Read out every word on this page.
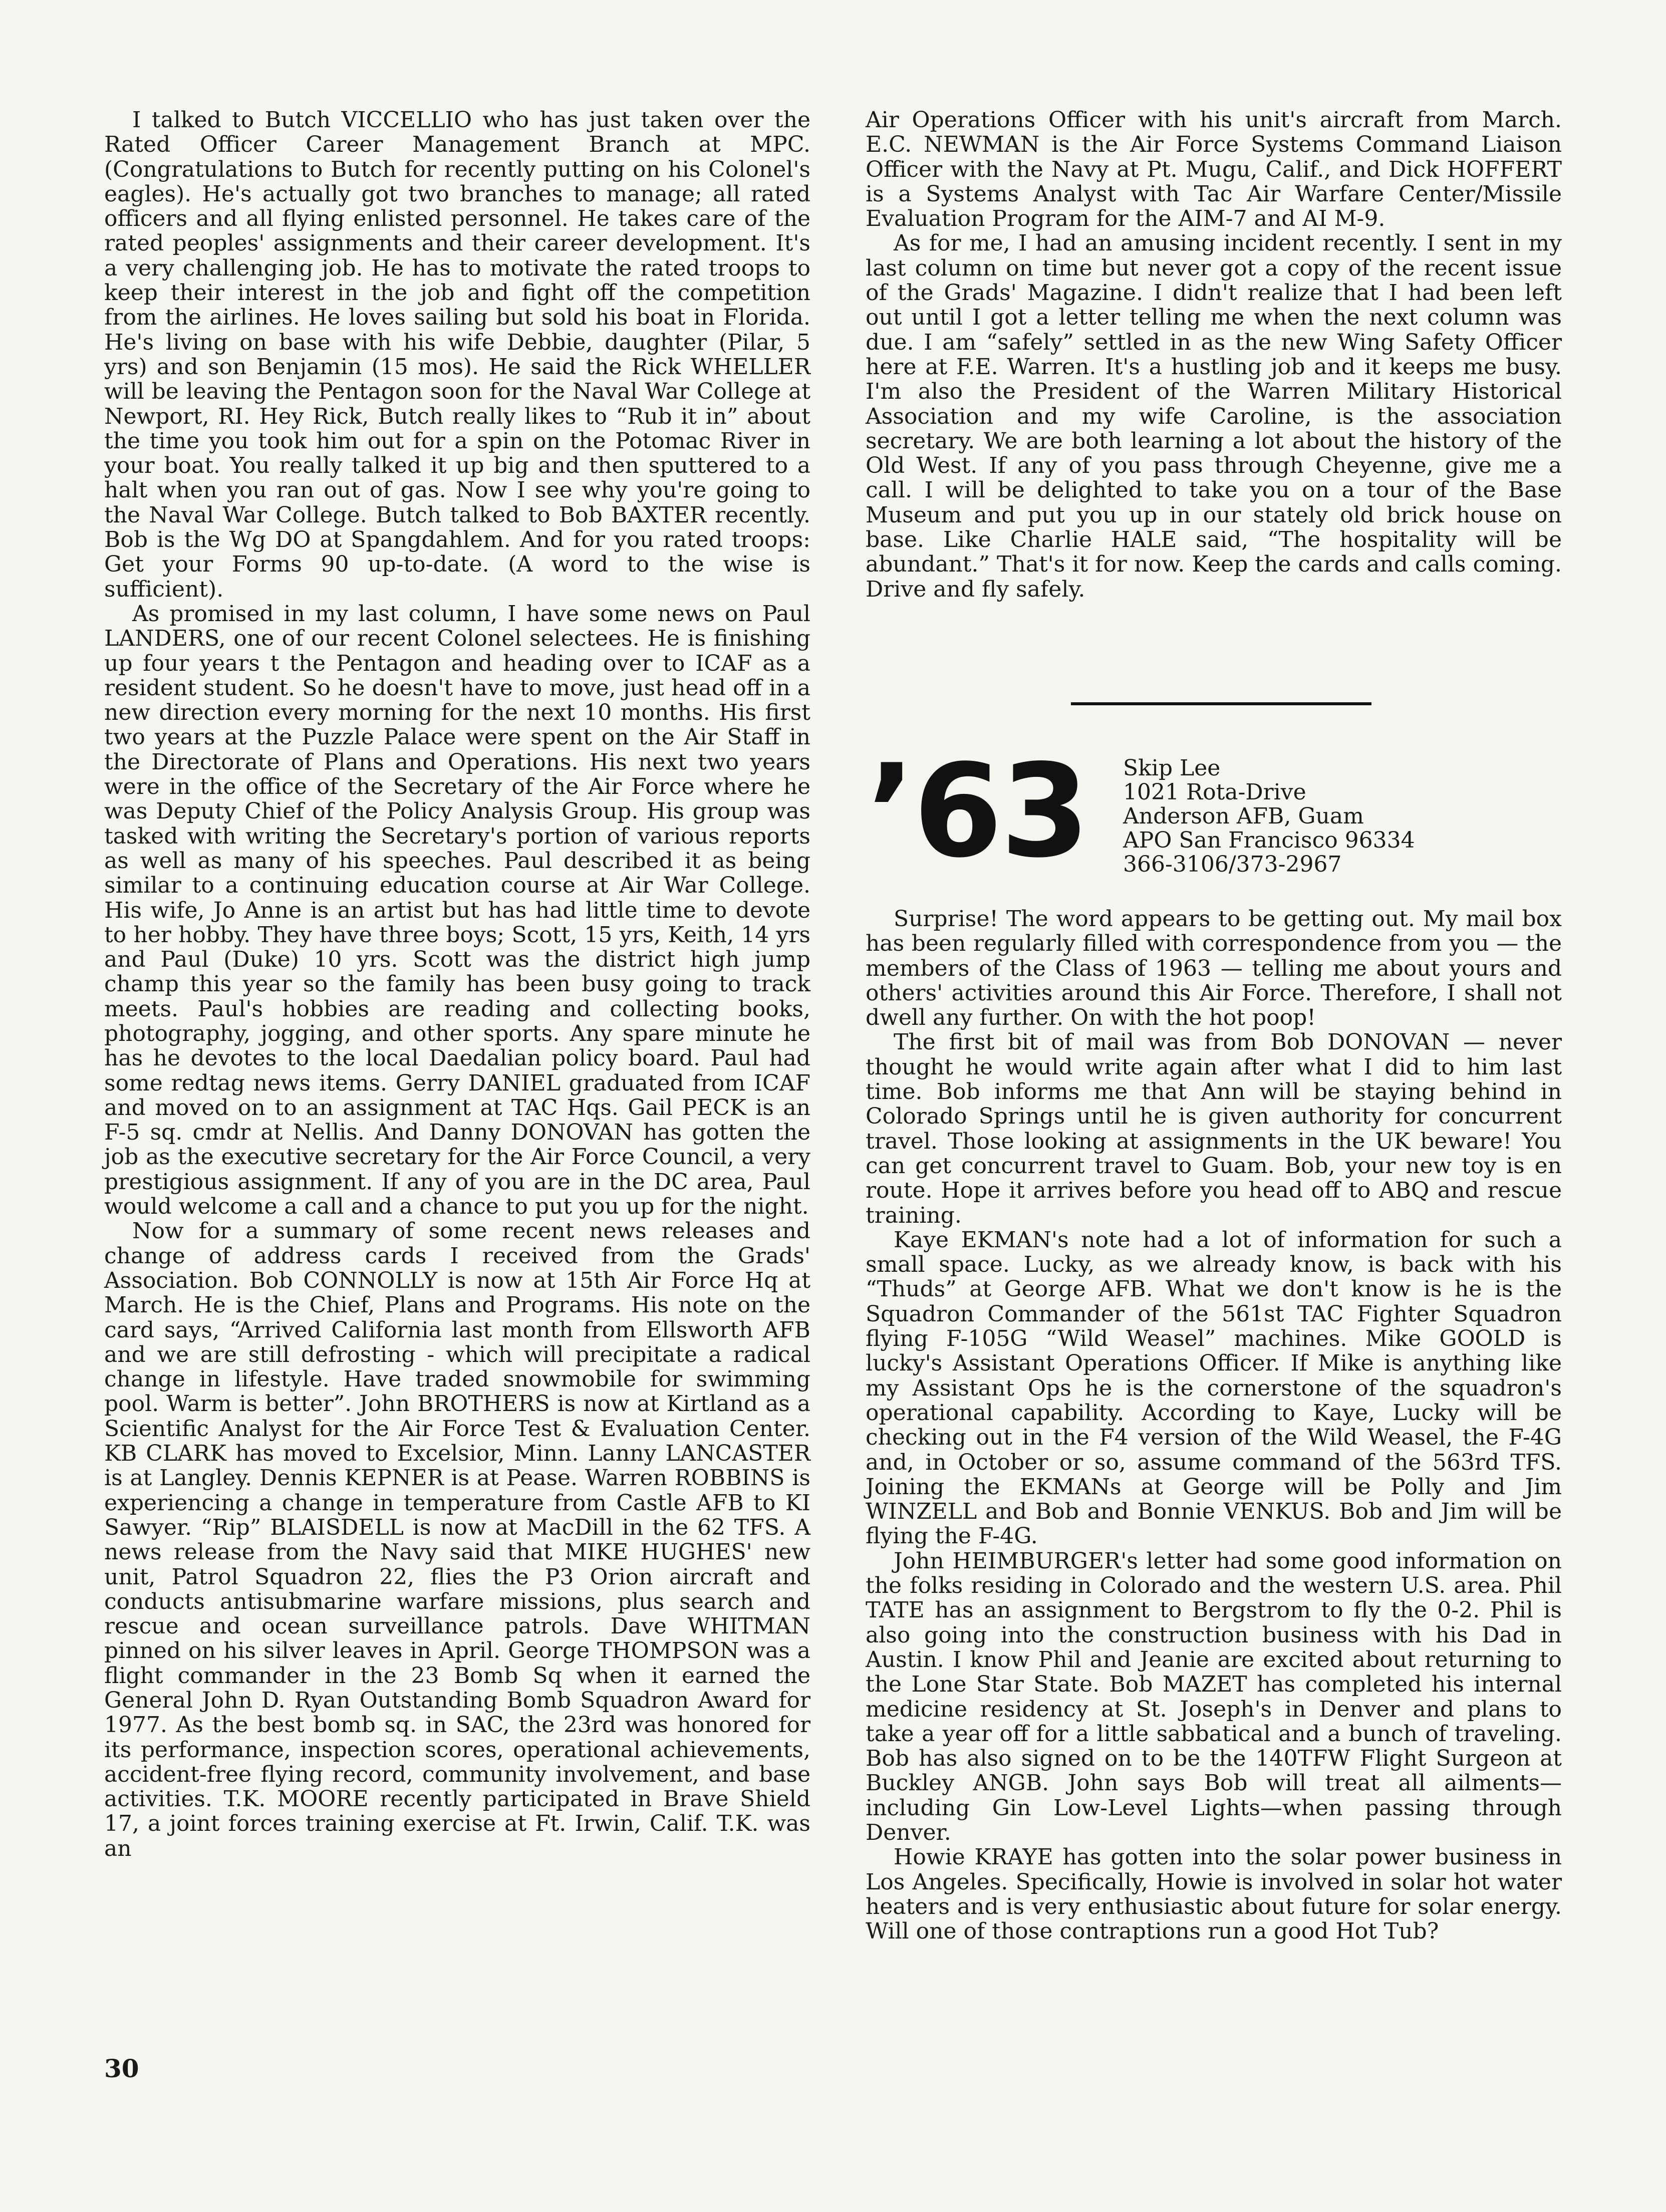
I talked to Butch VICCELLIO who has just taken over the Rated Officer Career Management Branch at MPC. (Congratulations to Butch for recently putting on his Colonel's eagles). He's actually got two branches to manage; all rated officers and all flying enlisted personnel. He takes care of the rated peoples' assignments and their career development. It's a very challenging job. He has to motivate the rated troops to keep their interest in the job and fight off the competition from the airlines. He loves sailing but sold his boat in Florida. He's living on base with his wife Debbie, daughter (Pilar, 5 yrs) and son Benjamin (15 mos). He said the Rick WHELLER will be leaving the Pentagon soon for the Naval War College at Newport, RI. Hey Rick, Butch really likes to “Rub it in” about the time you took him out for a spin on the Potomac River in your boat. You really talked it up big and then sputtered to a halt when you ran out of gas. Now I see why you're going to the Naval War College. Butch talked to Bob BAXTER recently. Bob is the Wg DO at Spangdahlem. And for you rated troops: Get your Forms 90 up-to-date. (A word to the wise is sufficient).

As promised in my last column, I have some news on Paul LANDERS, one of our recent Colonel selectees. He is finishing up four years t the Pentagon and heading over to ICAF as a resident student. So he doesn't have to move, just head off in a new direction every morning for the next 10 months. His first two years at the Puzzle Palace were spent on the Air Staff in the Directorate of Plans and Operations. His next two years were in the office of the Secretary of the Air Force where he was Deputy Chief of the Policy Analysis Group. His group was tasked with writing the Secretary's portion of various reports as well as many of his speeches. Paul described it as being similar to a continuing education course at Air War College. His wife, Jo Anne is an artist but has had little time to devote to her hobby. They have three boys; Scott, 15 yrs, Keith, 14 yrs and Paul (Duke) 10 yrs. Scott was the district high jump champ this year so the family has been busy going to track meets. Paul's hobbies are reading and collecting books, photography, jogging, and other sports. Any spare minute he has he devotes to the local Daedalian policy board. Paul had some redtag news items. Gerry DANIEL graduated from ICAF and moved on to an assignment at TAC Hqs. Gail PECK is an F-5 sq. cmdr at Nellis. And Danny DONOVAN has gotten the job as the executive secretary for the Air Force Council, a very prestigious assignment. If any of you are in the DC area, Paul would welcome a call and a chance to put you up for the night.

Now for a summary of some recent news releases and change of address cards I received from the Grads' Association. Bob CONNOLLY is now at 15th Air Force Hq at March. He is the Chief, Plans and Programs. His note on the card says, “Arrived California last month from Ellsworth AFB and we are still defrosting - which will precipitate a radical change in lifestyle. Have traded snowmobile for swimming pool. Warm is better”. John BROTHERS is now at Kirtland as a Scientific Analyst for the Air Force Test & Evaluation Center. KB CLARK has moved to Excelsior, Minn. Lanny LANCASTER is at Langley. Dennis KEPNER is at Pease. Warren ROBBINS is experiencing a change in temperature from Castle AFB to KI Sawyer. “Rip” BLAISDELL is now at MacDill in the 62 TFS. A news release from the Navy said that MIKE HUGHES' new unit, Patrol Squadron 22, flies the P3 Orion aircraft and conducts antisubmarine warfare missions, plus search and rescue and ocean surveillance patrols. Dave WHITMAN pinned on his silver leaves in April. George THOMPSON was a flight commander in the 23 Bomb Sq when it earned the General John D. Ryan Outstanding Bomb Squadron Award for 1977. As the best bomb sq. in SAC, the 23rd was honored for its performance, inspection scores, operational achievements, accident-free flying record, community involvement, and base activities. T.K. MOORE recently participated in Brave Shield 17, a joint forces training exercise at Ft. Irwin, Calif. T.K. was an

Air Operations Officer with his unit's aircraft from March. E.C. NEWMAN is the Air Force Systems Command Liaison Officer with the Navy at Pt. Mugu, Calif., and Dick HOFFERT is a Systems Analyst with Tac Air Warfare Center/Missile Evaluation Program for the AIM-7 and AI M-9.

As for me, I had an amusing incident recently. I sent in my last column on time but never got a copy of the recent issue of the Grads' Magazine. I didn't realize that I had been left out until I got a letter telling me when the next column was due. I am “safely” settled in as the new Wing Safety Officer here at F.E. Warren. It's a hustling job and it keeps me busy. I'm also the President of the Warren Military Historical Association and my wife Caroline, is the association secretary. We are both learning a lot about the history of the Old West. If any of you pass through Cheyenne, give me a call. I will be delighted to take you on a tour of the Base Museum and put you up in our stately old brick house on base. Like Charlie HALE said, “The hospitality will be abundant.” That's it for now. Keep the cards and calls coming. Drive and fly safely.

’63 Skip Lee
1021 Rota-Drive
Anderson AFB, Guam
APO San Francisco 96334
366-3106/373-2967

Surprise! The word appears to be getting out. My mail box has been regularly filled with correspondence from you — the members of the Class of 1963 — telling me about yours and others' activities around this Air Force. Therefore, I shall not dwell any further. On with the hot poop!

The first bit of mail was from Bob DONOVAN — never thought he would write again after what I did to him last time. Bob informs me that Ann will be staying behind in Colorado Springs until he is given authority for concurrent travel. Those looking at assignments in the UK beware! You can get concurrent travel to Guam. Bob, your new toy is en route. Hope it arrives before you head off to ABQ and rescue training.

Kaye EKMAN's note had a lot of information for such a small space. Lucky, as we already know, is back with his “Thuds” at George AFB. What we don't know is he is the Squadron Commander of the 561st TAC Fighter Squadron flying F-105G “Wild Weasel” machines. Mike GOOLD is lucky's Assistant Operations Officer. If Mike is anything like my Assistant Ops he is the cornerstone of the squadron's operational capability. According to Kaye, Lucky will be checking out in the F4 version of the Wild Weasel, the F-4G and, in October or so, assume command of the 563rd TFS. Joining the EKMANs at George will be Polly and Jim WINZELL and Bob and Bonnie VENKUS. Bob and Jim will be flying the F-4G.

John HEIMBURGER's letter had some good information on the folks residing in Colorado and the western U.S. area. Phil TATE has an assignment to Bergstrom to fly the 0-2. Phil is also going into the construction business with his Dad in Austin. I know Phil and Jeanie are excited about returning to the Lone Star State. Bob MAZET has completed his internal medicine residency at St. Joseph's in Denver and plans to take a year off for a little sabbatical and a bunch of traveling. Bob has also signed on to be the 140TFW Flight Surgeon at Buckley ANGB. John says Bob will treat all ailments—including Gin Low-Level Lights—when passing through Denver.

Howie KRAYE has gotten into the solar power business in Los Angeles. Specifically, Howie is involved in solar hot water heaters and is very enthusiastic about future for solar energy. Will one of those contraptions run a good Hot Tub?

30
